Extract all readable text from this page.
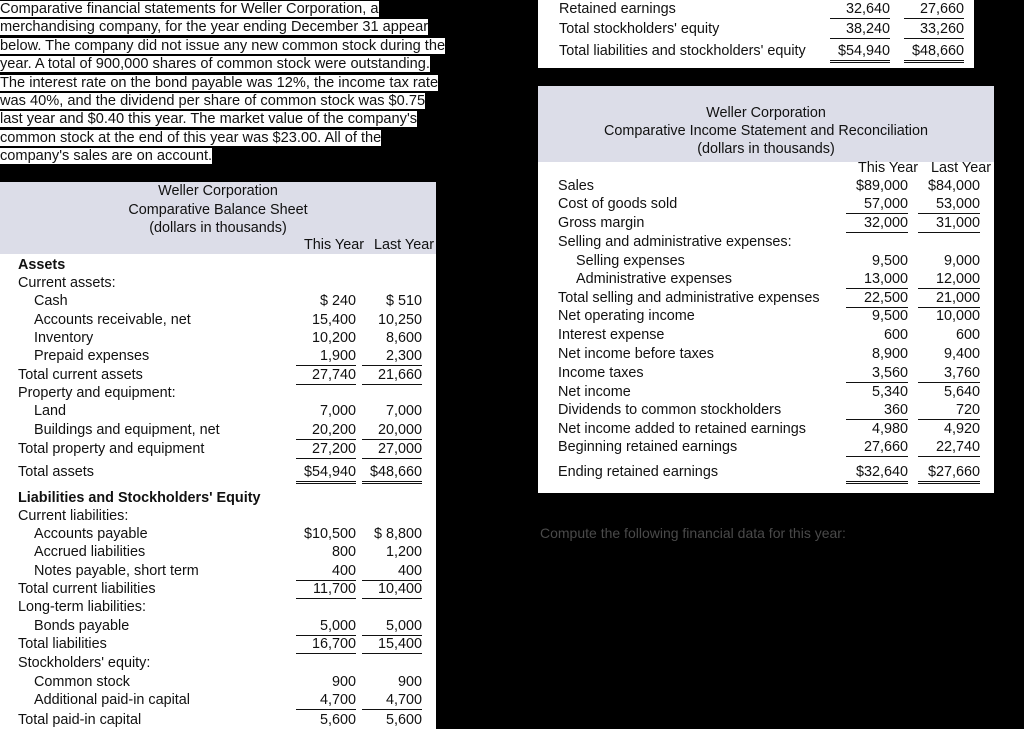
Comparative financial statements for Weller Corporation, a
merchandising company, for the year ending December 31 appear
below. The company did not issue any new common stock during the
year. A total of 900,000 shares of common stock were outstanding.
The interest rate on the bond payable was 12%, the income tax rate
was 40%, and the dividend per share of common stock was $0.75
last year and $0.40 this year. The market value of the company's
common stock at the end of this year was $23.00. All of the
company's sales are on account.
Retained earnings	32,640	27,660
Total stockholders' equity	38,240	33,260
Total liabilities and stockholders' equity	$54,940	$48,660
Weller Corporation
Comparative Balance Sheet
(dollars in thousands)
This Year Last Year
Assets
Current assets:
Cash	$ 240	$ 510
Accounts receivable, net	15,400	10,250
Inventory	10,200	8,600
Prepaid expenses	1,900	2,300
Total current assets	27,740	21,660
Property and equipment:
Land	7,000	7,000
Buildings and equipment, net	20,200	20,000
Total property and equipment	27,200	27,000
Total assets	$54,940 $48,660
Liabilities and Stockholders' Equity
Current liabilities:
Accounts payable	$10,500	$ 8,800
Accrued liabilities	800	1,200
Notes payable, short term	400	400
Total current liabilities	11,700	10,400
Long-term liabilities:
Bonds payable	5,000	5,000
Total liabilities	16,700	15,400
Stockholders' equity:
Common stock	900	900
Additional paid-in capital	4,700	4,700
Total paid-in capital	5,600	5,600
Weller Corporation
Comparative Income Statement and Reconciliation
(dollars in thousands)
This Year Last Year
Sales	$89,000	$84,000
Cost of goods sold	57,000	53,000
Gross margin	32,000	31,000
Selling and administrative expenses:
Selling expenses	9,500	9,000
Administrative expenses	13,000	12,000
Total selling and administrative expenses	22,500	21,000
Net operating income	9,500	10,000
Interest expense	600	600
Net income before taxes	8,900	9,400
Income taxes	3,560	3,760
Net income	5,340	5,640
Dividends to common stockholders	360	720
Net income added to retained earnings	4,980	4,920
Beginning retained earnings	27,660	22,740
Ending retained earnings	$32,640	$27,660
Compute the following financial data for this year:
